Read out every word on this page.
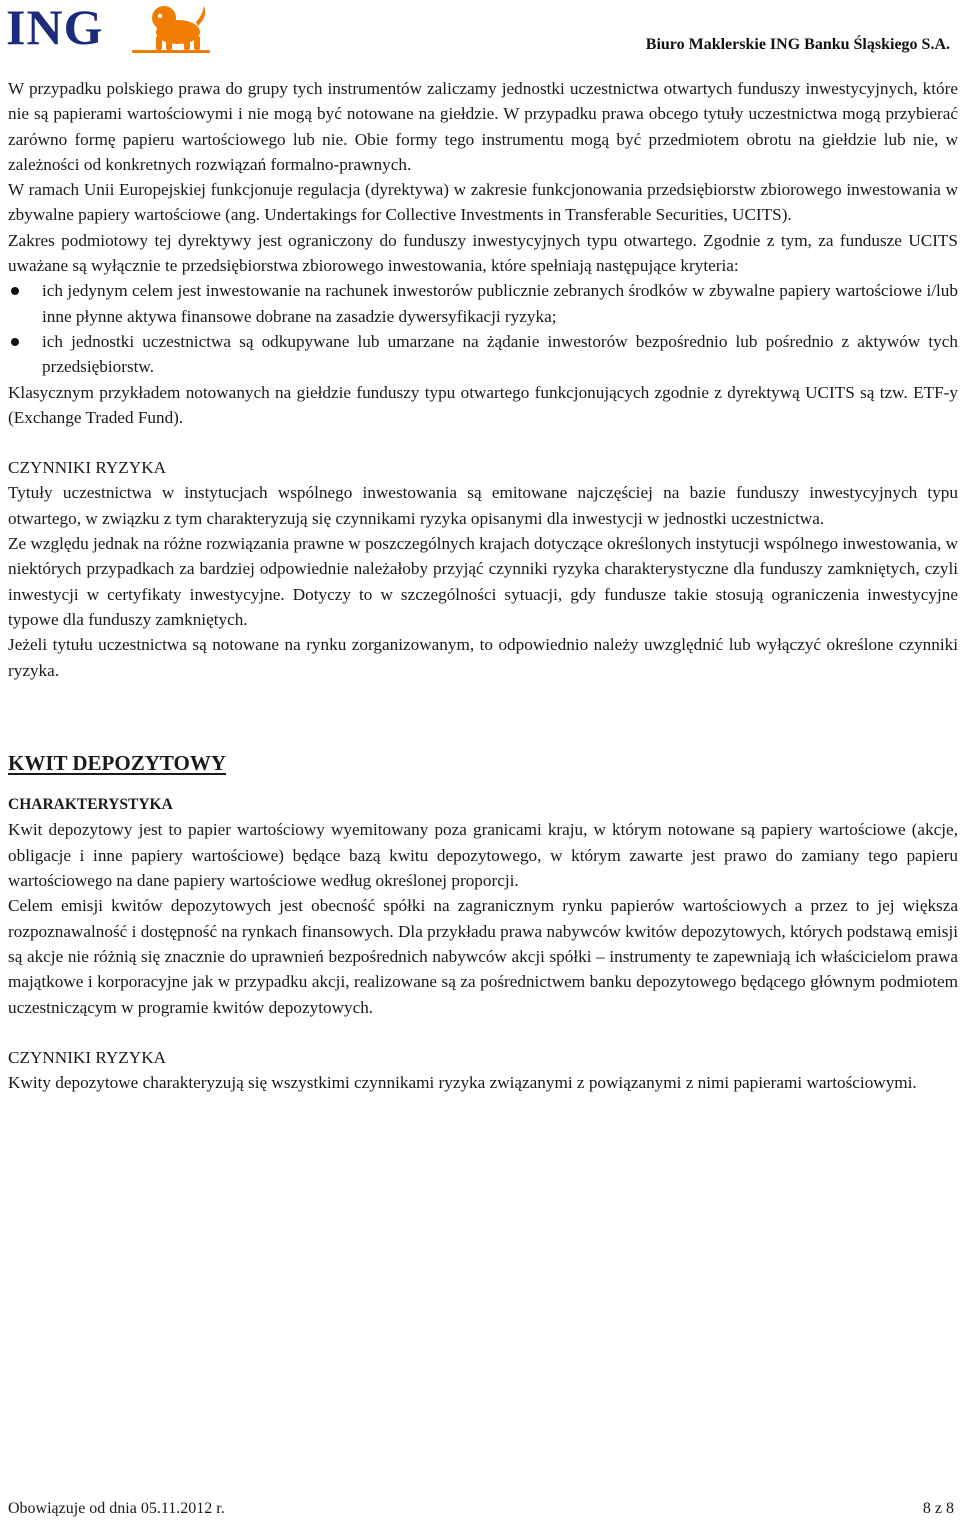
ING	Biuro Maklerskie ING Banku Śląskiego S.A.

W przypadku polskiego prawa do grupy tych instrumentów zaliczamy jednostki uczestnictwa otwartych funduszy inwestycyjnych, które nie są papierami wartościowymi i nie mogą być notowane na giełdzie. W przypadku prawa obcego tytuły uczestnictwa mogą przybierać zarówno formę papieru wartościowego lub nie. Obie formy tego instrumentu mogą być przedmiotem obrotu na giełdzie lub nie, w zależności od konkretnych rozwiązań formalno-prawnych.

W ramach Unii Europejskiej funkcjonuje regulacja (dyrektywa) w zakresie funkcjonowania przedsiębiorstw zbiorowego inwestowania w zbywalne papiery wartościowe (ang. Undertakings for Collective Investments in Transferable Securities, UCITS).

Zakres podmiotowy tej dyrektywy jest ograniczony do funduszy inwestycyjnych typu otwartego. Zgodnie z tym, za fundusze UCITS uważane są wyłącznie te przedsiębiorstwa zbiorowego inwestowania, które spełniają następujące kryteria:

ich jedynym celem jest inwestowanie na rachunek inwestorów publicznie zebranych środków w zbywalne papiery wartościowe i/lub inne płynne aktywa finansowe dobrane na zasadzie dywersyfikacji ryzyka;
ich jednostki uczestnictwa są odkupywane lub umarzane na żądanie inwestorów bezpośrednio lub pośrednio z aktywów tych przedsiębiorstw.

Klasycznym przykładem notowanych na giełdzie funduszy typu otwartego funkcjonujących zgodnie z dyrektywą UCITS są tzw. ETF-y (Exchange Traded Fund).

CZYNNIKI RYZYKA

Tytuły uczestnictwa w instytucjach wspólnego inwestowania są emitowane najczęściej na bazie funduszy inwestycyjnych typu otwartego, w związku z tym charakteryzują się czynnikami ryzyka opisanymi dla inwestycji w jednostki uczestnictwa.

Ze względu jednak na różne rozwiązania prawne w poszczególnych krajach dotyczące określonych instytucji wspólnego inwestowania, w niektórych przypadkach za bardziej odpowiednie należałoby przyjąć czynniki ryzyka charakterystyczne dla funduszy zamkniętych, czyli inwestycji w certyfikaty inwestycyjne. Dotyczy to w szczególności sytuacji, gdy fundusze takie stosują ograniczenia inwestycyjne typowe dla funduszy zamkniętych.

Jeżeli tytułu uczestnictwa są notowane na rynku zorganizowanym, to odpowiednio należy uwzględnić lub wyłączyć określone czynniki ryzyka.

KWIT DEPOZYTOWY
CHARAKTERYSTYKA

Kwit depozytowy jest to papier wartościowy wyemitowany poza granicami kraju, w którym notowane są papiery wartościowe (akcje, obligacje i inne papiery wartościowe) będące bazą kwitu depozytowego, w którym zawarte jest prawo do zamiany tego papieru wartościowego na dane papiery wartościowe według określonej proporcji.

Celem emisji kwitów depozytowych jest obecność spółki na zagranicznym rynku papierów wartościowych a przez to jej większa rozpoznawalność i dostępność na rynkach finansowych. Dla przykładu prawa nabywców kwitów depozytowych, których podstawą emisji są akcje nie różnią się znacznie do uprawnień bezpośrednich nabywców akcji spółki – instrumenty te zapewniają ich właścicielom prawa majątkowe i korporacyjne jak w przypadku akcji, realizowane są za pośrednictwem banku depozytowego będącego głównym podmiotem uczestniczącym w programie kwitów depozytowych.

CZYNNIKI RYZYKA

Kwity depozytowe charakteryzują się wszystkimi czynnikami ryzyka związanymi z powiązanymi z nimi papierami wartościowymi.

Obowiązuje od dnia 05.11.2012 r.	8 z 8
